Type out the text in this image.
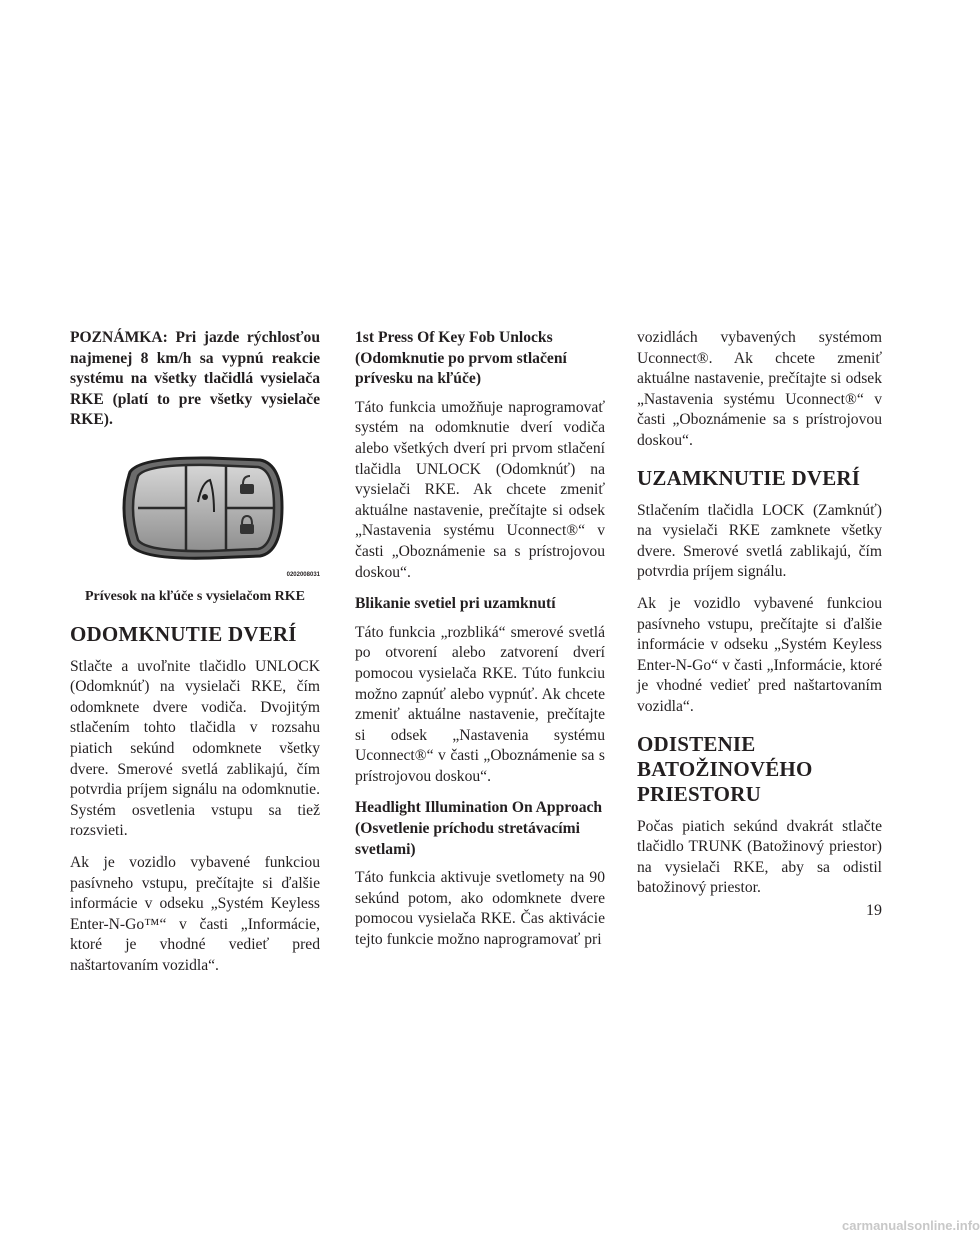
POZNÁMKA: Pri jazde rýchlosťou najmenej 8 km/h sa vypnú reakcie systému na všetky tlačidlá vysielača RKE (platí to pre všetky vysielače RKE).

0202008031

Prívesok na kľúče s vysielačom RKE

ODOMKNUTIE DVERÍ

Stlačte a uvoľnite tlačidlo UNLOCK (Odomknúť) na vysielači RKE, čím odomknete dvere vodiča. Dvojitým stlačením tohto tlačidla v rozsahu piatich sekúnd odomknete všetky dvere. Smerové svetlá zablikajú, čím potvrdia príjem signálu na odomknutie. Systém osvetlenia vstupu sa tiež rozsvieti.

Ak je vozidlo vybavené funkciou pasívneho vstupu, prečítajte si ďalšie informácie v odseku „Systém Keyless Enter-N-Go™“ v časti „Informácie, ktoré je vhodné vedieť pred naštartovaním vozidla“.

1st Press Of Key Fob Unlocks (Odomknutie po prvom stlačení prívesku na kľúče)

Táto funkcia umožňuje naprogramovať systém na odomknutie dverí vodiča alebo všetkých dverí pri prvom stlačení tlačidla UNLOCK (Odomknúť) na vysielači RKE. Ak chcete zmeniť aktuálne nastavenie, prečítajte si odsek „Nastavenia systému Uconnect®“ v časti „Oboznámenie sa s prístrojovou doskou“.

Blikanie svetiel pri uzamknutí

Táto funkcia „rozbliká“ smerové svetlá po otvorení alebo zatvorení dverí pomocou vysielača RKE. Túto funkciu možno zapnúť alebo vypnúť. Ak chcete zmeniť aktuálne nastavenie, prečítajte si odsek „Nastavenia systému Uconnect®“ v časti „Oboznámenie sa s prístrojovou doskou“.

Headlight Illumination On Approach (Osvetlenie príchodu stretávacími svetlami)

Táto funkcia aktivuje svetlomety na 90 sekúnd potom, ako odomknete dvere pomocou vysielača RKE. Čas aktivácie tejto funkcie možno naprogramovať pri

vozidlách vybavených systémom Uconnect®. Ak chcete zmeniť aktuálne nastavenie, prečítajte si odsek „Nastavenia systému Uconnect®“ v časti „Oboznámenie sa s prístrojovou doskou“.

UZAMKNUTIE DVERÍ

Stlačením tlačidla LOCK (Zamknúť) na vysielači RKE zamknete všetky dvere. Smerové svetlá zablikajú, čím potvrdia príjem signálu.

Ak je vozidlo vybavené funkciou pasívneho vstupu, prečítajte si ďalšie informácie v odseku „Systém Keyless Enter-N-Go“ v časti „Informácie, ktoré je vhodné vedieť pred naštartovaním vozidla“.

ODISTENIE BATOŽINOVÉHO PRIESTORU

Počas piatich sekúnd dvakrát stlačte tlačidlo TRUNK (Batožinový priestor) na vysielači RKE, aby sa odistil batožinový priestor.

19
carmanualsonline.info
